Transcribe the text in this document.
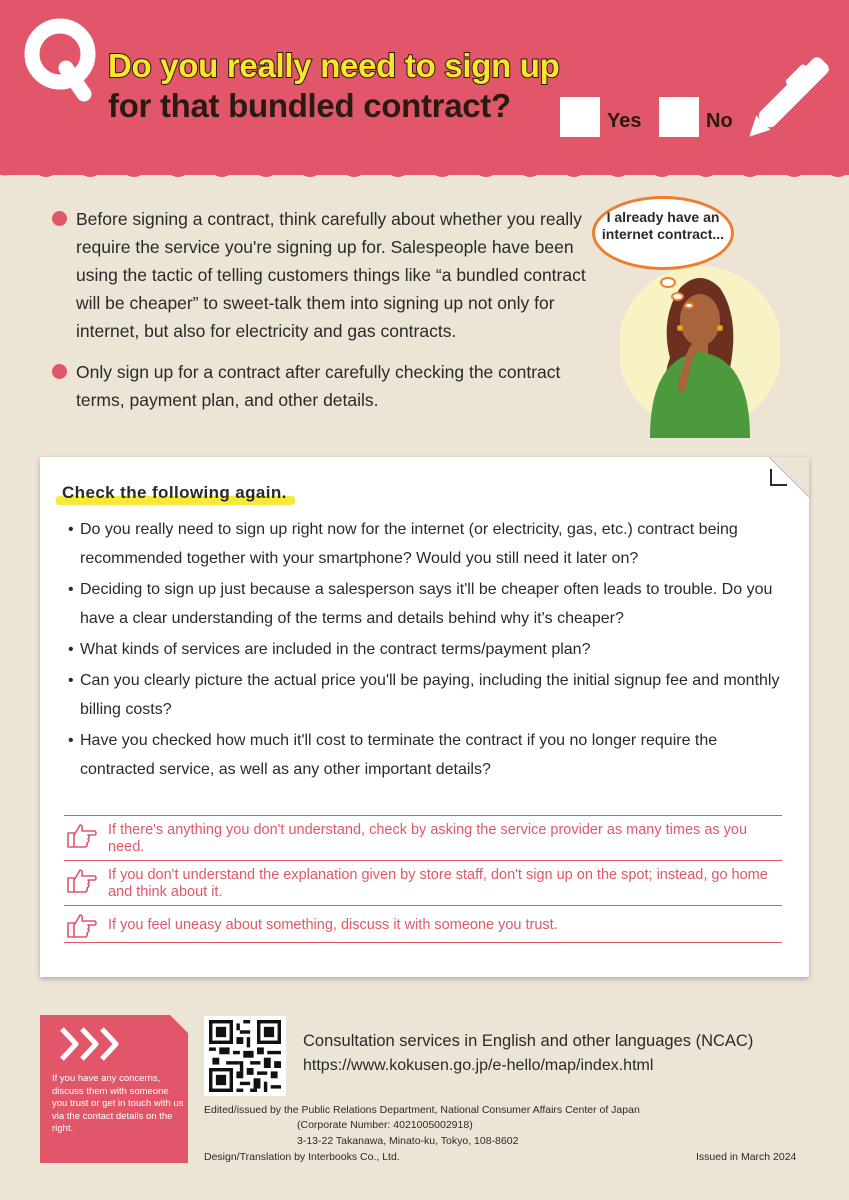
Do you really need to sign up
for that bundled contract?	Yes	No
Before signing a contract, think carefully about whether you really require the service you're signing up for. Salespeople have been using the tactic of telling customers things like “a bundled contract will be cheaper” to sweet-talk them into signing up not only for internet, but also for electricity and gas contracts.
Only sign up for a contract after carefully checking the contract terms, payment plan, and other details.
I already have an internet contract...
Check the following again.
• Do you really need to sign up right now for the internet (or electricity, gas, etc.) contract being recommended together with your smartphone? Would you still need it later on?
• Deciding to sign up just because a salesperson says it'll be cheaper often leads to trouble. Do you have a clear understanding of the terms and details behind why it's cheaper?
• What kinds of services are included in the contract terms/payment plan?
• Can you clearly picture the actual price you'll be paying, including the initial signup fee and monthly billing costs?
• Have you checked how much it'll cost to terminate the contract if you no longer require the contracted service, as well as any other important details?
If there's anything you don't understand, check by asking the service provider as many times as you need.
If you don't understand the explanation given by store staff, don't sign up on the spot; instead, go home and think about it.
If you feel uneasy about something, discuss it with someone you trust.
If you have any concerns, discuss them with someone you trust or get in touch with us via the contact details on the right.
Consultation services in English and other languages (NCAC)
https://www.kokusen.go.jp/e-hello/map/index.html
Edited/issued by the Public Relations Department, National Consumer Affairs Center of Japan
(Corporate Number: 4021005002918)
3-13-22 Takanawa, Minato-ku, Tokyo, 108-8602
Design/Translation by Interbooks Co., Ltd.	Issued in March 2024
